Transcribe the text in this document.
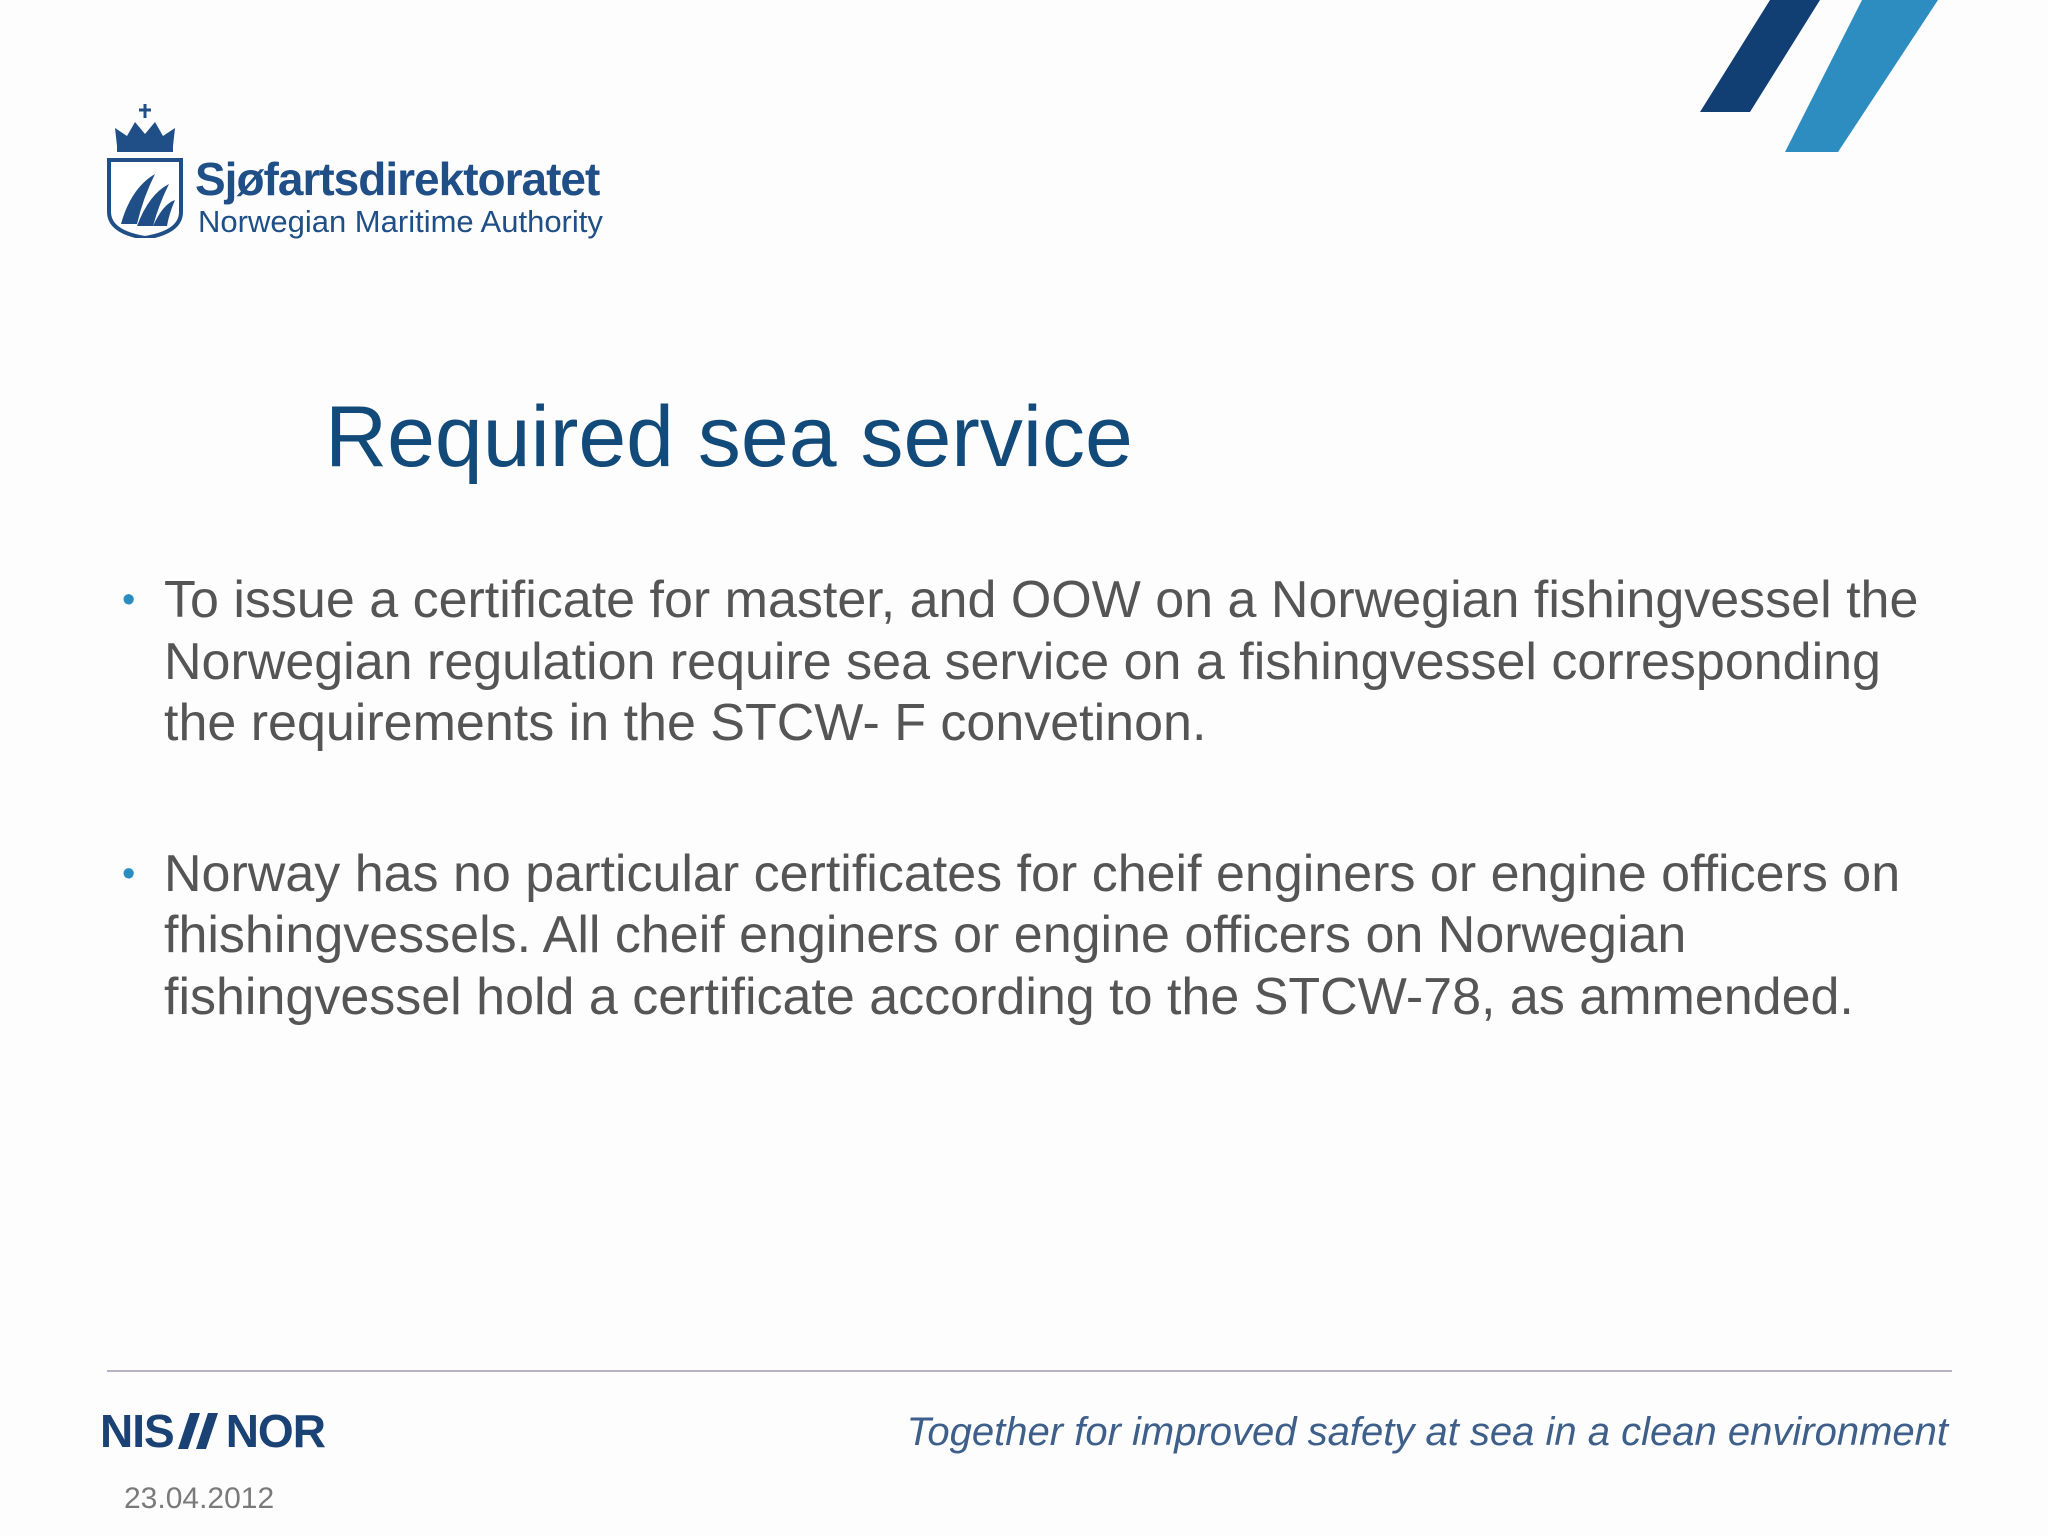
Sjøfartsdirektoratet
Norwegian Maritime Authority
Required sea service
• To issue a certificate for master, and OOW on a Norwegian fishingvessel the Norwegian regulation require sea service on a fishingvessel corresponding the requirements in the STCW- F convetinon.
• Norway has no particular certificates for cheif enginers or engine officers on fhishingvessels. All cheif enginers or engine officers on Norwegian fishingvessel hold a certificate according to the STCW-78, as ammended.
NIS NOR	Together for improved safety at sea in a clean environment
23.04.2012
